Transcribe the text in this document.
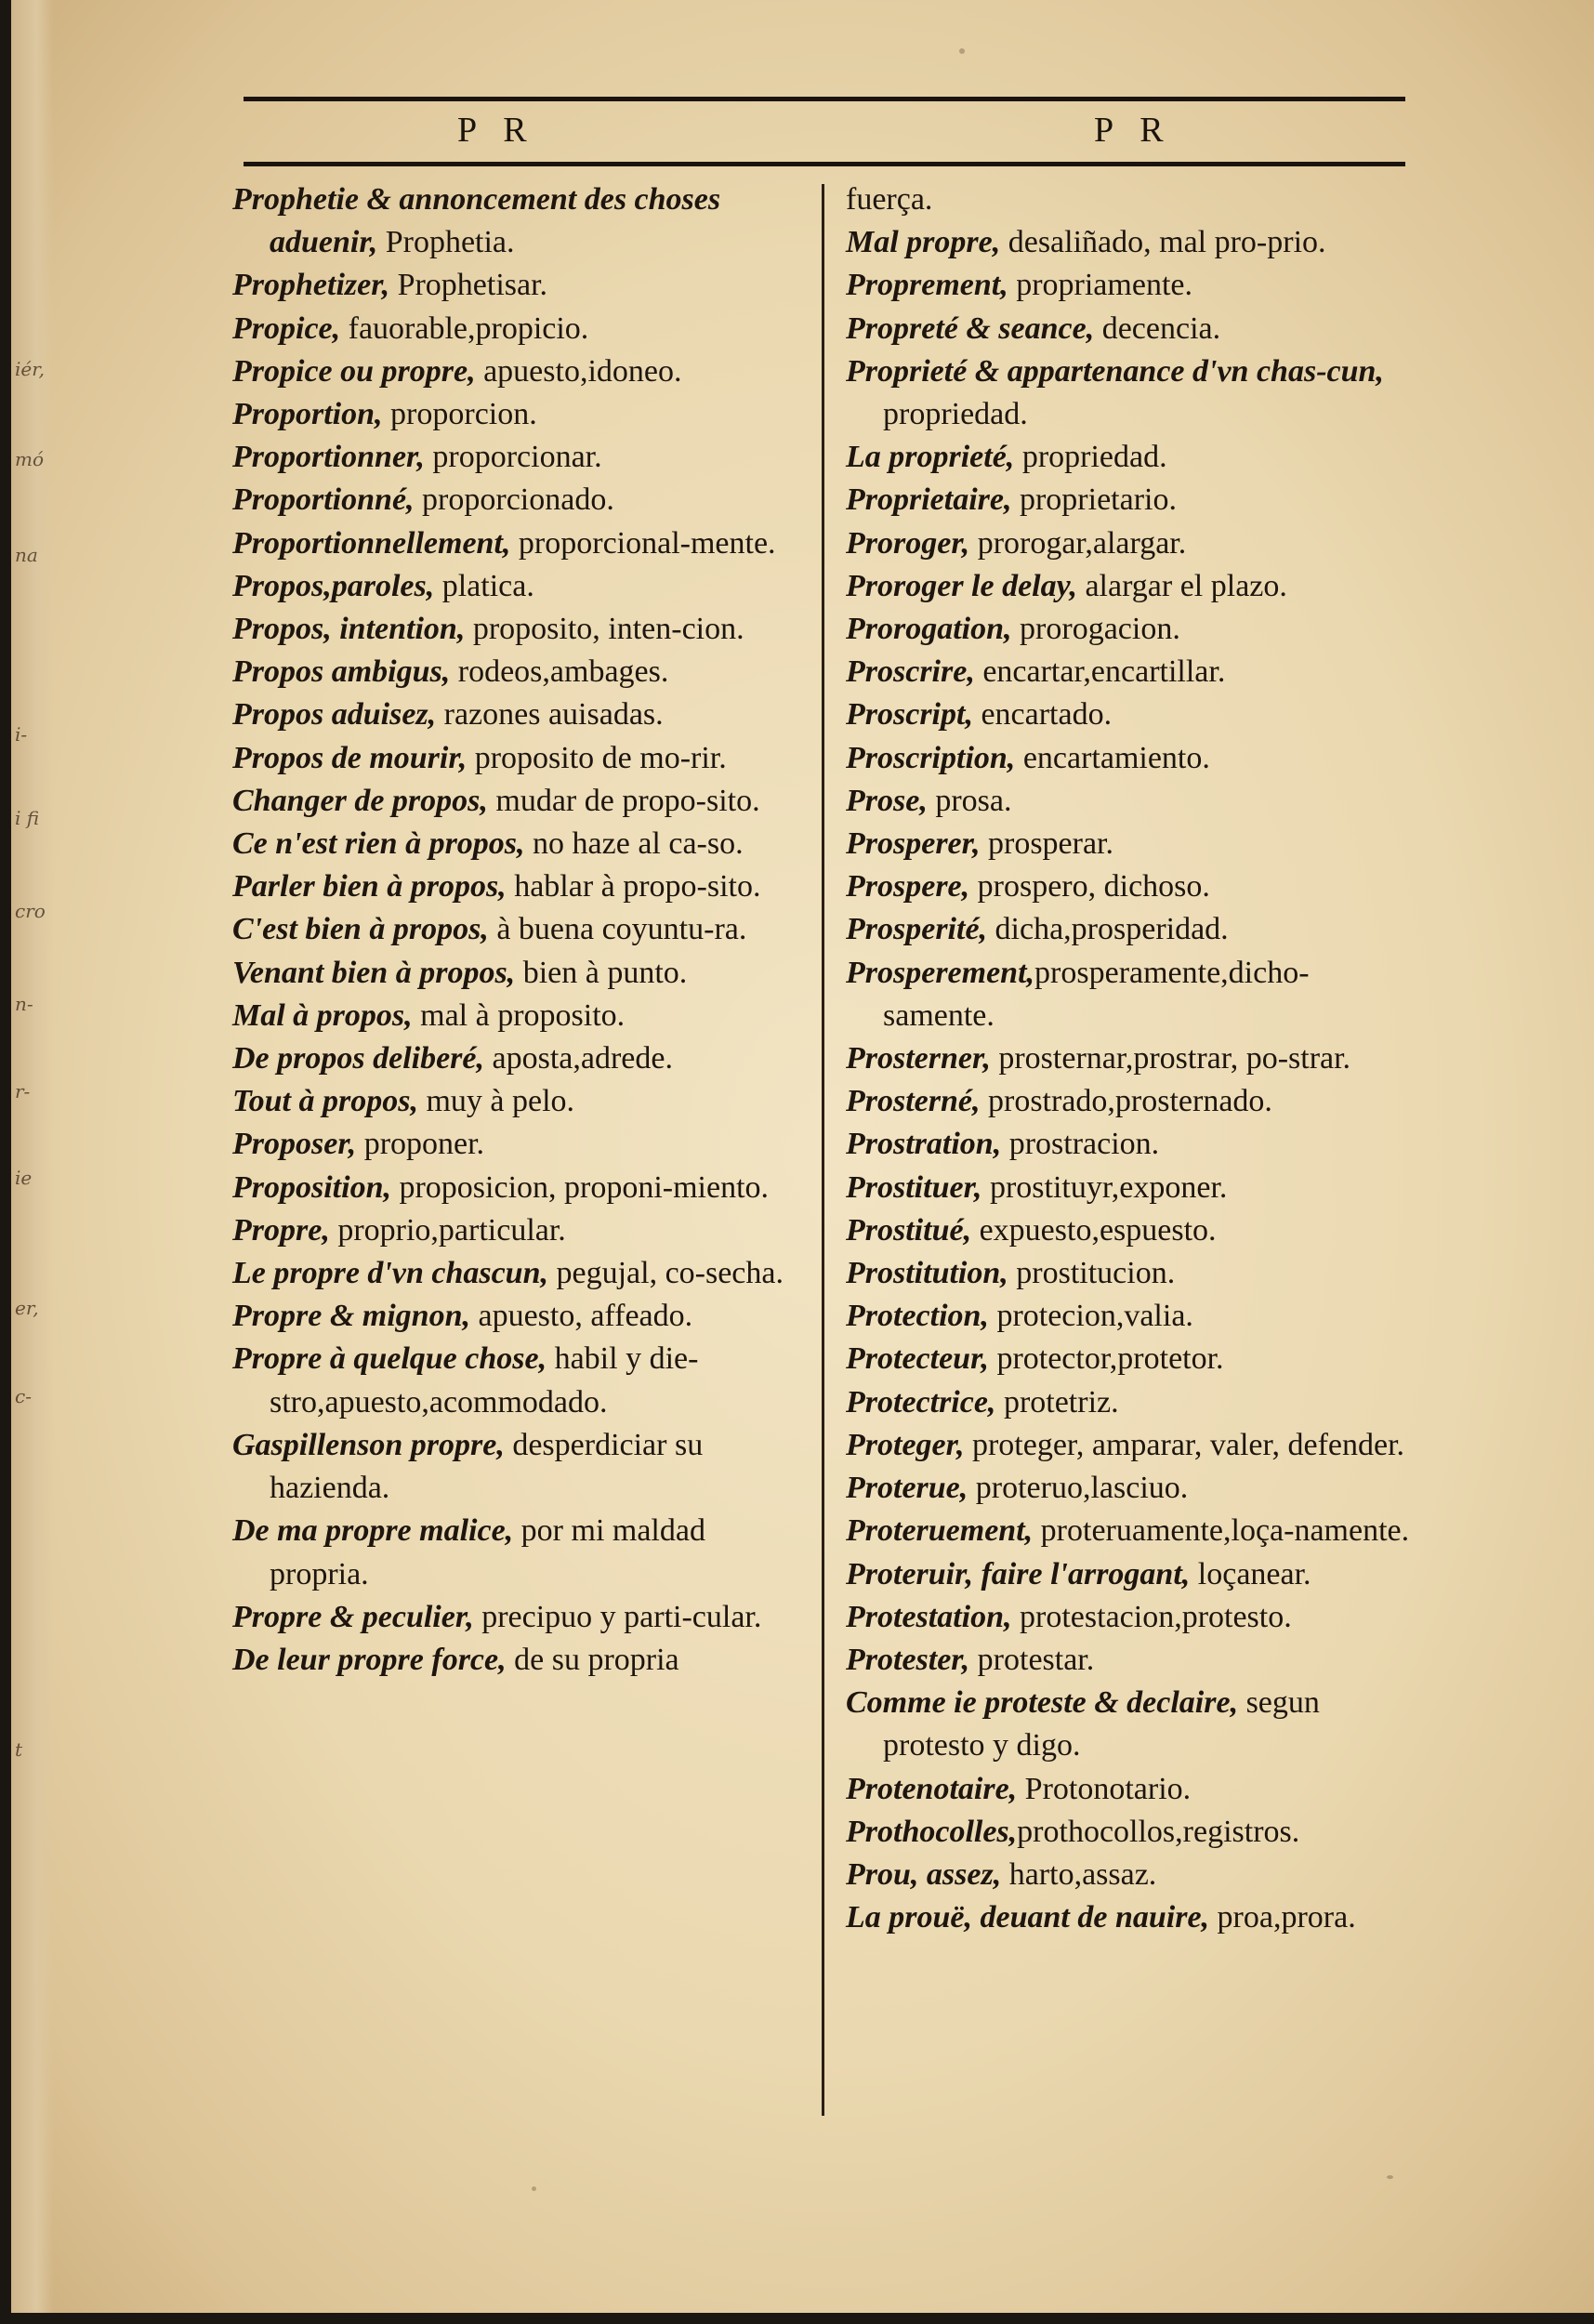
iér,
mó
na
i-
i fi
cro
n-
r-
ie
er,
c-
t
P R	P R

Prophetie & annoncement des choses aduenir, Prophetia.

Prophetizer, Prophetisar.

Propice, fauorable,propicio.

Propice ou propre, apuesto,idoneo.

Proportion, proporcion.

Proportionner, proporcionar.

Proportionné, proporcionado.

Proportionnellement, proporcional-mente.

Propos,paroles, platica.

Propos, intention, proposito, inten-cion.

Propos ambigus, rodeos,ambages.

Propos aduisez, razones auisadas.

Propos de mourir, proposito de mo-rir.

Changer de propos, mudar de propo-sito.

Ce n'est rien à propos, no haze al ca-so.

Parler bien à propos, hablar à propo-sito.

C'est bien à propos, à buena coyuntu-ra.

Venant bien à propos, bien à punto.

Mal à propos, mal à proposito.

De propos deliberé, aposta,adrede.

Tout à propos, muy à pelo.

Proposer, proponer.

Proposition, proposicion, proponi-miento.

Propre, proprio,particular.

Le propre d'vn chascun, pegujal, co-secha.

Propre & mignon, apuesto, affeado.

Propre à quelque chose, habil y die-stro,apuesto,acommodado.

Gaspillenson propre, desperdiciar su hazienda.

De ma propre malice, por mi maldad propria.

Propre & peculier, precipuo y parti-cular.

De leur propre force, de su propria

fuerça.

Mal propre, desaliñado, mal pro-prio.

Proprement, propriamente.

Propreté & seance, decencia.

Proprieté & appartenance d'vn chas-cun, propriedad.

La proprieté, propriedad.

Proprietaire, proprietario.

Proroger, prorogar,alargar.

Proroger le delay, alargar el plazo.

Prorogation, prorogacion.

Proscrire, encartar,encartillar.

Proscript, encartado.

Proscription, encartamiento.

Prose, prosa.

Prosperer, prosperar.

Prospere, prospero, dichoso.

Prosperité, dicha,prosperidad.

Prosperement,prosperamente,dicho-samente.

Prosterner, prosternar,prostrar, po-strar.

Prosterné, prostrado,prosternado.

Prostration, prostracion.

Prostituer, prostituyr,exponer.

Prostitué, expuesto,espuesto.

Prostitution, prostitucion.

Protection, protecion,valia.

Protecteur, protector,protetor.

Protectrice, protetriz.

Proteger, proteger, amparar, valer, defender.

Proterue, proteruo,lasciuo.

Proteruement, proteruamente,loça-namente.

Proteruir, faire l'arrogant, loçanear.

Protestation, protestacion,protesto.

Protester, protestar.

Comme ie proteste & declaire, segun protesto y digo.

Protenotaire, Protonotario.

Prothocolles,prothocollos,registros.

Prou, assez, harto,assaz.

La prouë, deuant de nauire, proa,prora.
